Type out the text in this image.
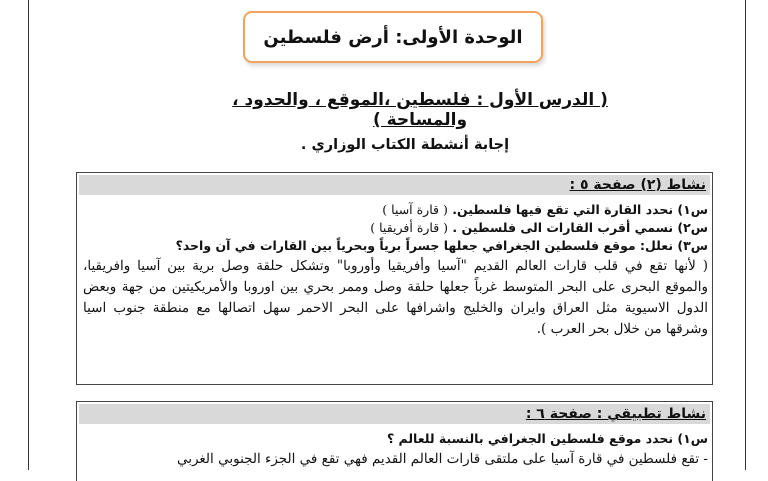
الوحدة الأولى: أرض فلسطين
( الدرس الأول : فلسطين ،الموقع ، والحدود ، والمساحة )
إجابة أنشطة الكتاب الوزاري .
نشاط (٢) صفحة ٥ :
س١) نحدد القارة التي تقع فيها فلسطين. ( قارة آسيا )
س٢) نسمي أقرب القارات الى فلسطين . ( قارة أفريقيا )
س٣) نعلل: موقع فلسطين الجغرافي جعلها جسراً برياً وبحرياً بين القارات في آن واحد؟
( لأنها تقع في قلب قارات العالم القديم "آسيا وأفريقيا وأوروبا" وتشكل حلقة وصل برية بين آسيا وافريقيا، والموقع البحرى على البحر المتوسط غرباً جعلها حلقة وصل وممر بحري بين اوروبا والأمريكيتين من جهة وبعض الدول الاسيوية مثل العراق وايران والخليج واشرافها على البحر الاحمر سهل اتصالها مع منطقة جنوب اسيا وشرقها من خلال بحر العرب ).
نشاط تطبيقي : صفحة ٦ :
س١) نحدد موقع فلسطين الجغرافي بالنسبة للعالم ؟
- تقع فلسطين في قارة آسيا على ملتقى قارات العالم القديم فهي تقع في الجزء الجنوبي الغربي
